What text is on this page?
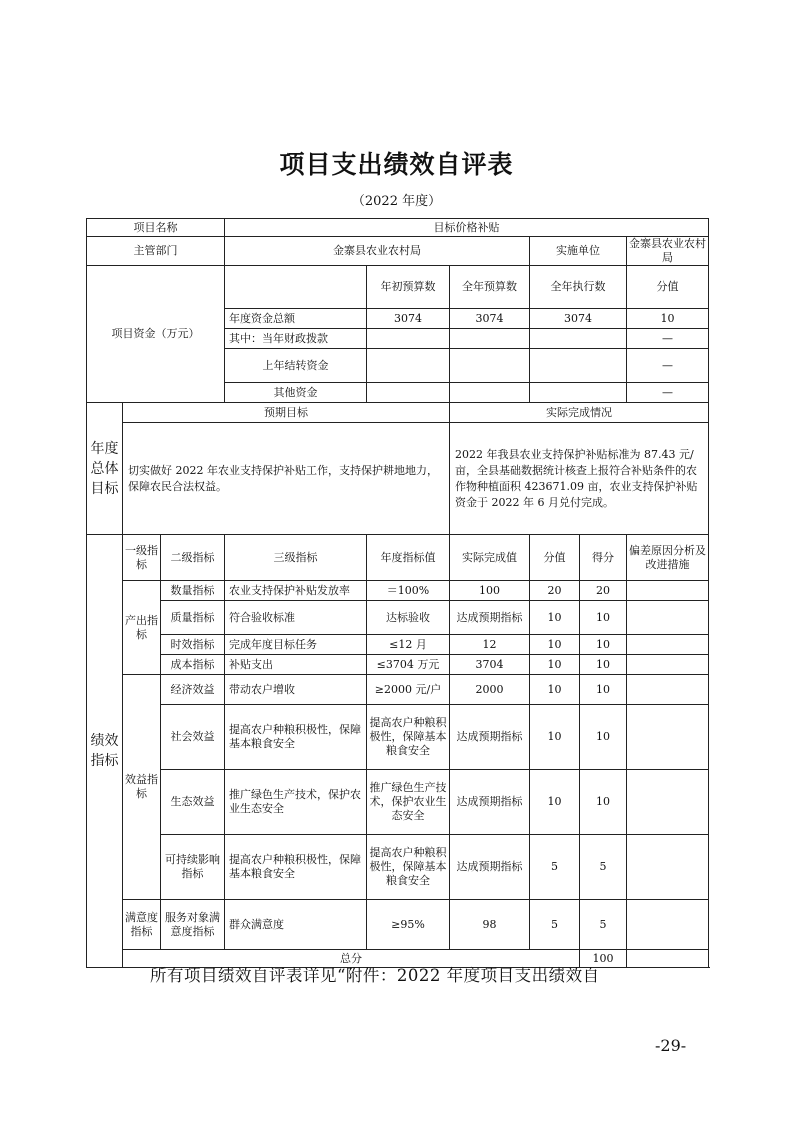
项目支出绩效自评表
（2022 年度）
项目名称			目标价格补贴						
主管部门			金寨县农业农村局			实施单位		金寨县农业农村局	
项目资金（万元）				年初预算数	全年预算数	全年执行数		分值	
			年度资金总额	3074	3074	3074		10	
			其中：当年财政拨款					—	
			上年结转资金					—	
			其他资金					—	
年度总体目标	预期目标				实际完成情况				
	切实做好 2022 年农业支持保护补贴工作，支持保护耕地地力，保障农民合法权益。				2022 年我县农业支持保护补贴标准为 87.43 元/亩，全县基础数据统计核查上报符合补贴条件的农作物种植面积 423671.09 亩，农业支持保护补贴资金于 2022 年 6 月兑付完成。				
绩效指标	一级指标	二级指标	三级指标	年度指标值	实际完成值	分值	得分	偏差原因分析及改进措施	
	产出指标	数量指标	农业支持保护补贴发放率	＝100%	100	20	20		
		质量指标	符合验收标准	达标验收	达成预期指标	10	10		
		时效指标	完成年度目标任务	≤12 月	12	10	10		
		成本指标	补贴支出	≤3704 万元	3704	10	10		
	效益指标	经济效益	带动农户增收	≥2000 元/户	2000	10	10		
		社会效益	提高农户种粮积极性，保障基本粮食安全	提高农户种粮积极性，保障基本粮食安全	达成预期指标	10	10		
		生态效益	推广绿色生产技术，保护农业生态安全	推广绿色生产技术，保护农业生态安全	达成预期指标	10	10		
		可持续影响指标	提高农户种粮积极性，保障基本粮食安全	提高农户种粮积极性，保障基本粮食安全	达成预期指标	5	5		
	满意度指标	服务对象满意度指标	群众满意度	≥95%	98	5	5		
	总分						100		
所有项目绩效自评表详见“附件：2022 年度项目支出绩效自
-29-
